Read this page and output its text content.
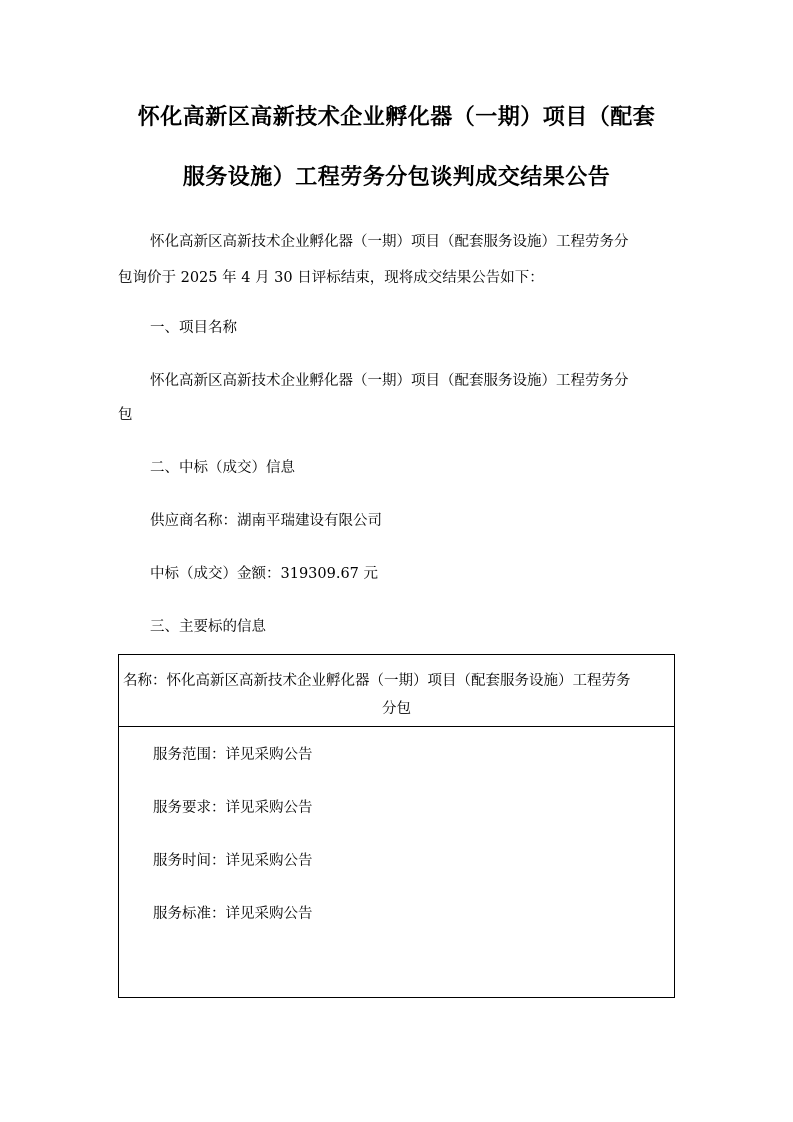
怀化高新区高新技术企业孵化器（一期）项目（配套
服务设施）工程劳务分包谈判成交结果公告
怀化高新区高新技术企业孵化器（一期）项目（配套服务设施）工程劳务分
包询价于 2025 年 4 月 30 日评标结束，现将成交结果公告如下：
一、项目名称
怀化高新区高新技术企业孵化器（一期）项目（配套服务设施）工程劳务分
包
二、中标（成交）信息
供应商名称：湖南平瑞建设有限公司
中标（成交）金额：319309.67 元
三、主要标的信息
名称：怀化高新区高新技术企业孵化器（一期）项目（配套服务设施）工程劳务
分包
服务范围：详见采购公告
服务要求：详见采购公告
服务时间：详见采购公告
服务标准：详见采购公告
